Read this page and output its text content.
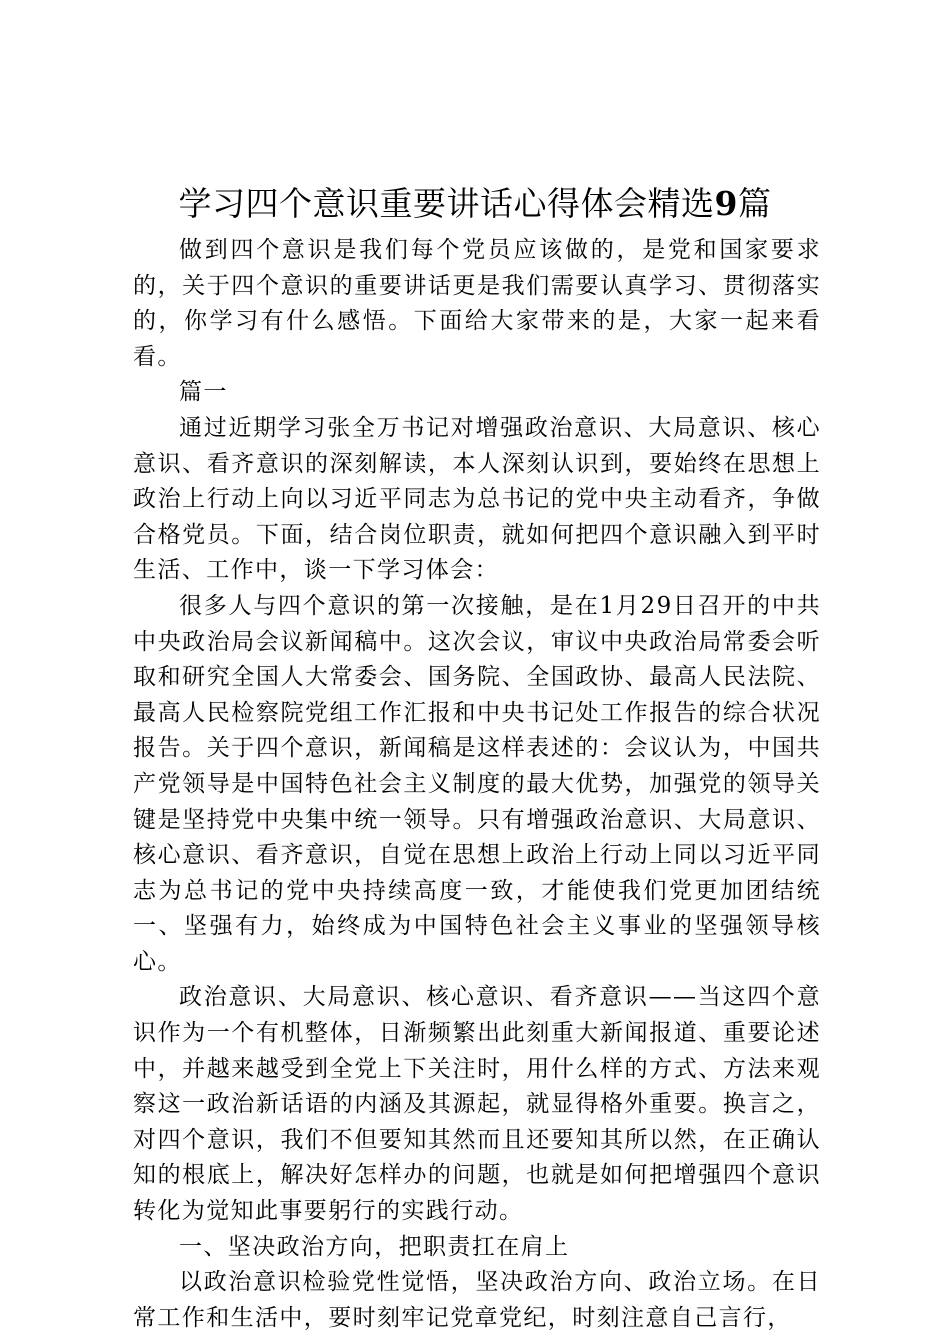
学习四个意识重要讲话心得体会精选9篇

做到四个意识是我们每个党员应该做的，是党和国家要求的，关于四个意识的重要讲话更是我们需要认真学习、贯彻落实的，你学习有什么感悟。下面给大家带来的是，大家一起来看看。

篇一

通过近期学习张全万书记对增强政治意识、大局意识、核心意识、看齐意识的深刻解读，本人深刻认识到，要始终在思想上政治上行动上向以习近平同志为总书记的党中央主动看齐，争做合格党员。下面，结合岗位职责，就如何把四个意识融入到平时生活、工作中，谈一下学习体会：

很多人与四个意识的第一次接触，是在1月29日召开的中共中央政治局会议新闻稿中。这次会议，审议中央政治局常委会听取和研究全国人大常委会、国务院、全国政协、最高人民法院、最高人民检察院党组工作汇报和中央书记处工作报告的综合状况报告。关于四个意识，新闻稿是这样表述的：会议认为，中国共产党领导是中国特色社会主义制度的最大优势，加强党的领导关键是坚持党中央集中统一领导。只有增强政治意识、大局意识、核心意识、看齐意识，自觉在思想上政治上行动上同以习近平同志为总书记的党中央持续高度一致，才能使我们党更加团结统一、坚强有力，始终成为中国特色社会主义事业的坚强领导核心。

政治意识、大局意识、核心意识、看齐意识——当这四个意识作为一个有机整体，日渐频繁出此刻重大新闻报道、重要论述中，并越来越受到全党上下关注时，用什么样的方式、方法来观察这一政治新话语的内涵及其源起，就显得格外重要。换言之，对四个意识，我们不但要知其然而且还要知其所以然，在正确认知的根底上，解决好怎样办的问题，也就是如何把增强四个意识转化为觉知此事要躬行的实践行动。

一、坚决政治方向，把职责扛在肩上

以政治意识检验党性觉悟，坚决政治方向、政治立场。在日常工作和生活中，要时刻牢记党章党纪，时刻注意自己言行，
